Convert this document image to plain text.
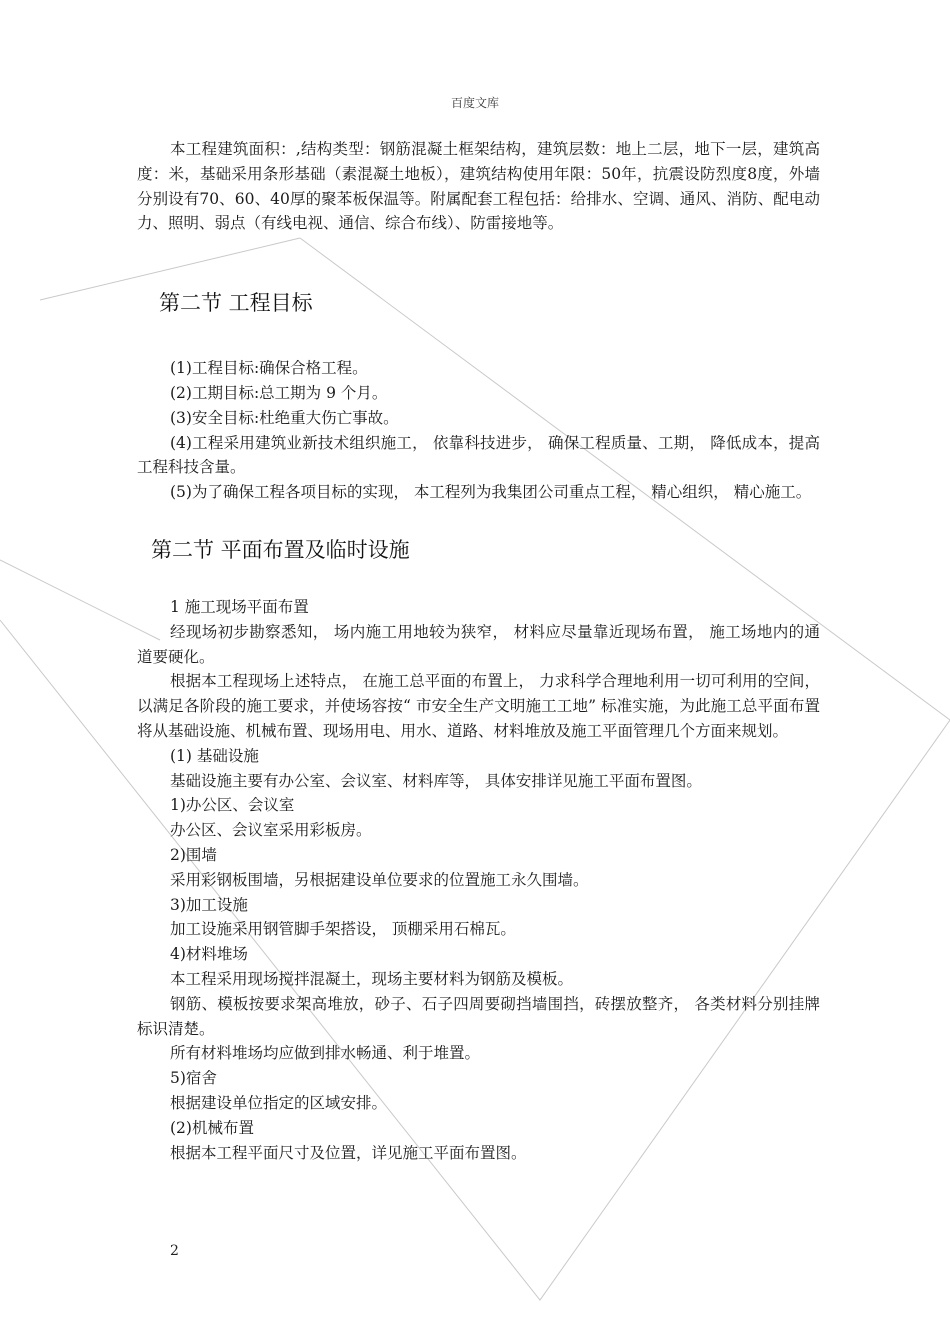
百度文库

本工程建筑面积：,结构类型：钢筋混凝土框架结构，建筑层数：地上二层，地下一层，建筑高度：米，基础采用条形基础（素混凝土地板），建筑结构使用年限：50年，抗震设防烈度8度，外墙分别设有70、60、40厚的聚苯板保温等。附属配套工程包括：给排水、空调、通风、消防、配电动力、照明、弱点（有线电视、通信、综合布线）、防雷接地等。

第二节 工程目标

(1)工程目标:确保合格工程。

(2)工期目标:总工期为 9 个月。

(3)安全目标:杜绝重大伤亡事故。

(4)工程采用建筑业新技术组织施工， 依靠科技进步， 确保工程质量、工期， 降低成本，提高工程科技含量。

(5)为了确保工程各项目标的实现， 本工程列为我集团公司重点工程， 精心组织， 精心施工。

第二节 平面布置及临时设施

1 施工现场平面布置

经现场初步勘察悉知， 场内施工用地较为狭窄， 材料应尽量靠近现场布置， 施工场地内的通道要硬化。

根据本工程现场上述特点， 在施工总平面的布置上， 力求科学合理地利用一切可利用的空间，以满足各阶段的施工要求，并使场容按“ 市安全生产文明施工工地” 标准实施，为此施工总平面布置将从基础设施、机械布置、现场用电、用水、道路、材料堆放及施工平面管理几个方面来规划。

(1) 基础设施

基础设施主要有办公室、会议室、材料库等， 具体安排详见施工平面布置图。

1)办公区、会议室

办公区、会议室采用彩板房。

2)围墙

采用彩钢板围墙，另根据建设单位要求的位置施工永久围墙。

3)加工设施

加工设施采用钢管脚手架搭设， 顶棚采用石棉瓦。

4)材料堆场

本工程采用现场搅拌混凝土，现场主要材料为钢筋及模板。

钢筋、模板按要求架高堆放，砂子、石子四周要砌挡墙围挡，砖摆放整齐， 各类材料分别挂牌标识清楚。

所有材料堆场均应做到排水畅通、利于堆置。

5)宿舍

根据建设单位指定的区域安排。

(2)机械布置

根据本工程平面尺寸及位置，详见施工平面布置图。

2
